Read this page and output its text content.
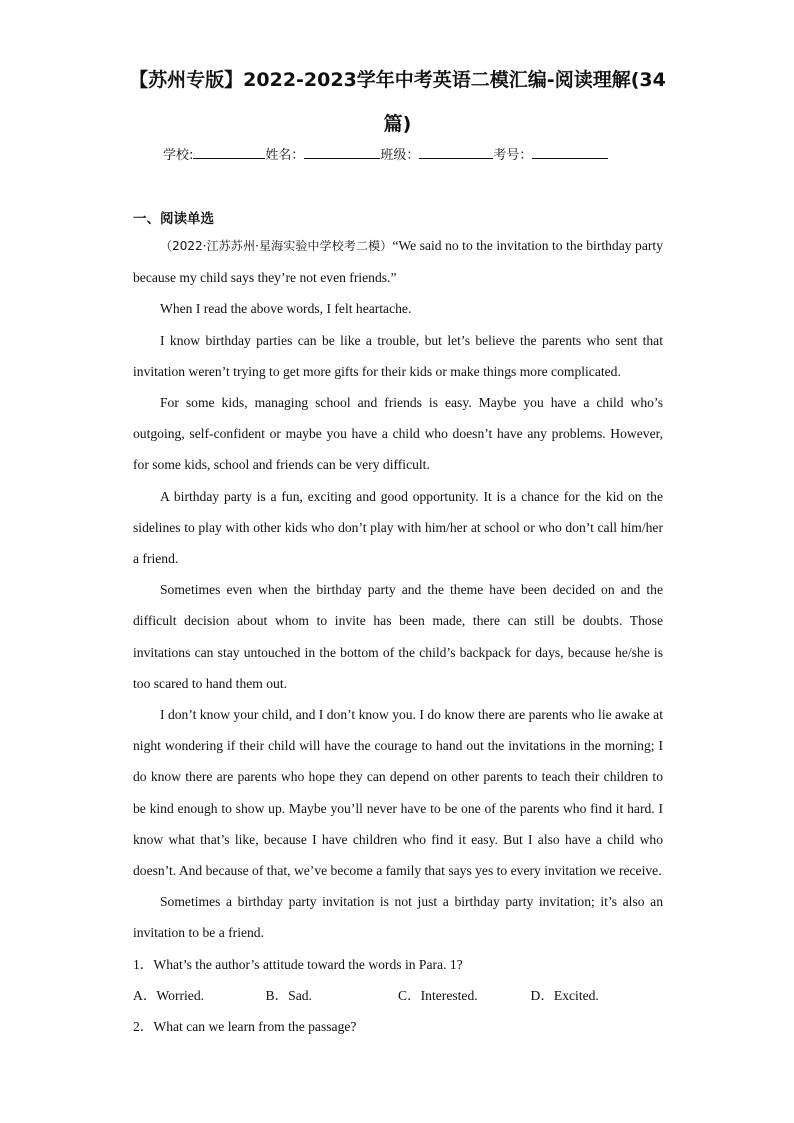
【苏州专版】2022-2023学年中考英语二模汇编-阅读理解(34
篇)
学校:	姓名：	班级：	考号：
一、阅读单选

（2022·江苏苏州·星海实验中学校考二模）“We said no to the invitation to the birthday party because my child says they’re not even friends.”

When I read the above words, I felt heartache.

I know birthday parties can be like a trouble, but let’s believe the parents who sent that invitation weren’t trying to get more gifts for their kids or make things more complicated.

For some kids, managing school and friends is easy. Maybe you have a child who’s outgoing, self-confident or maybe you have a child who doesn’t have any problems. However, for some kids, school and friends can be very difficult.

A birthday party is a fun, exciting and good opportunity. It is a chance for the kid on the sidelines to play with other kids who don’t play with him/her at school or who don’t call him/her a friend.

Sometimes even when the birthday party and the theme have been decided on and the difficult decision about whom to invite has been made, there can still be doubts. Those invitations can stay untouched in the bottom of the child’s backpack for days, because he/she is too scared to hand them out.

I don’t know your child, and I don’t know you. I do know there are parents who lie awake at night wondering if their child will have the courage to hand out the invitations in the morning; I do know there are parents who hope they can depend on other parents to teach their children to be kind enough to show up. Maybe you’ll never have to be one of the parents who find it hard. I know what that’s like, because I have children who find it easy. But I also have a child who doesn’t. And because of that, we’ve become a family that says yes to every invitation we receive.

Sometimes a birthday party invitation is not just a birthday party invitation; it’s also an invitation to be a friend.

1．What’s the author’s attitude toward the words in Para. 1?

A．Worried.	B．Sad.	C．Interested.	D．Excited.

2．What can we learn from the passage?
